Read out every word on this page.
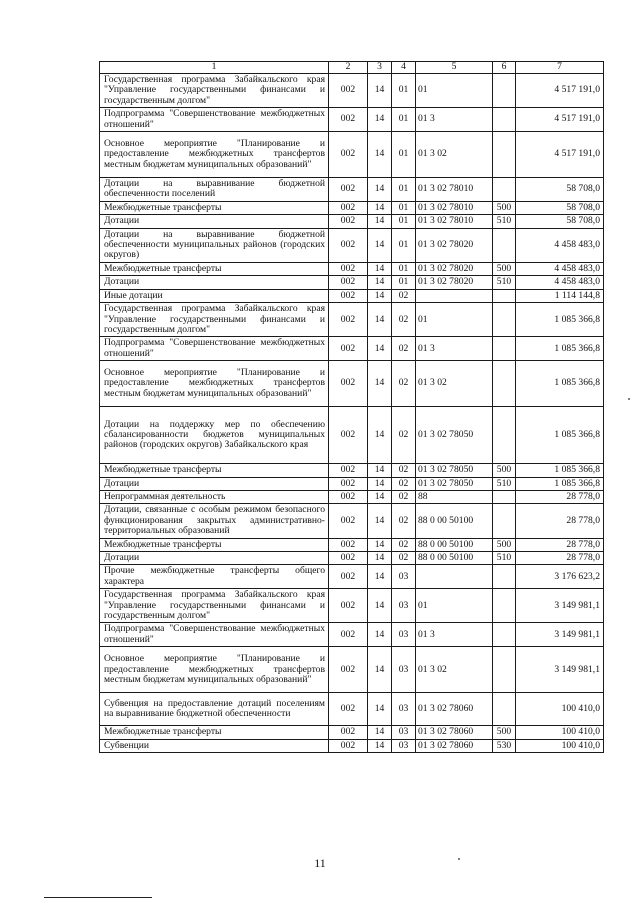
1	2	3	4	5	6	7
Государственная программа Забайкальского края "Управление государственными финансами и государственным долгом"	002	14	01	01		4 517 191,0
Подпрограмма "Совершенствование межбюджетных отношений"	002	14	01	01 3		4 517 191,0
Основное мероприятие "Планирование и предоставление межбюджетных трансфертов местным бюджетам муниципальных образований"	002	14	01	01 3 02		4 517 191,0
Дотации на выравнивание бюджетной обеспеченности поселений	002	14	01	01 3 02 78010		58 708,0
Межбюджетные трансферты	002	14	01	01 3 02 78010	500	58 708,0
Дотации	002	14	01	01 3 02 78010	510	58 708,0
Дотации на выравнивание бюджетной обеспеченности муниципальных районов (городских округов)	002	14	01	01 3 02 78020		4 458 483,0
Межбюджетные трансферты	002	14	01	01 3 02 78020	500	4 458 483,0
Дотации	002	14	01	01 3 02 78020	510	4 458 483,0
Иные дотации	002	14	02			1 114 144,8
Государственная программа Забайкальского края "Управление государственными финансами и государственным долгом"	002	14	02	01		1 085 366,8
Подпрограмма "Совершенствование межбюджетных отношений"	002	14	02	01 3		1 085 366,8
Основное мероприятие "Планирование и предоставление межбюджетных трансфертов местным бюджетам муниципальных образований"	002	14	02	01 3 02		1 085 366,8
Дотации на поддержку мер по обеспечению сбалансированности бюджетов муниципальных районов (городских округов) Забайкальского края	002	14	02	01 3 02 78050		1 085 366,8
Межбюджетные трансферты	002	14	02	01 3 02 78050	500	1 085 366,8
Дотации	002	14	02	01 3 02 78050	510	1 085 366,8
Непрограммная деятельность	002	14	02	88		28 778,0
Дотации, связанные с особым режимом безопасного функционирования закрытых административно-территориальных образований	002	14	02	88 0 00 50100		28 778,0
Межбюджетные трансферты	002	14	02	88 0 00 50100	500	28 778,0
Дотации	002	14	02	88 0 00 50100	510	28 778,0
Прочие межбюджетные трансферты общего характера	002	14	03			3 176 623,2
Государственная программа Забайкальского края "Управление государственными финансами и государственным долгом"	002	14	03	01		3 149 981,1
Подпрограмма "Совершенствование межбюджетных отношений"	002	14	03	01 3		3 149 981,1
Основное мероприятие "Планирование и предоставление межбюджетных трансфертов местным бюджетам муниципальных образований"	002	14	03	01 3 02		3 149 981,1
Субвенция на предоставление дотаций поселениям на выравнивание бюджетной обеспеченности	002	14	03	01 3 02 78060		100 410,0
Межбюджетные трансферты	002	14	03	01 3 02 78060	500	100 410,0
Субвенции	002	14	03	01 3 02 78060	530	100 410,0
11
